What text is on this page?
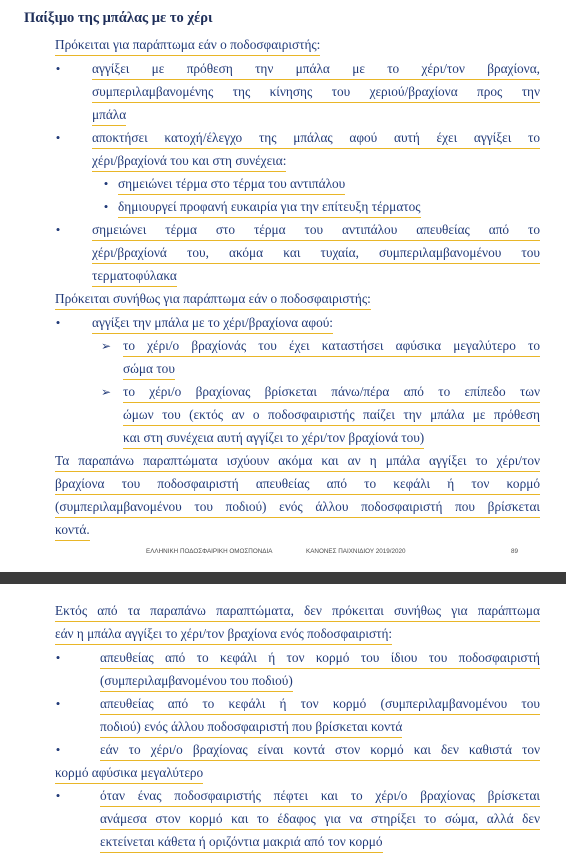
Παίξιμο της μπάλας με το χέρι
Πρόκειται για παράπτωμα εάν ο ποδοσφαιριστής:
• αγγίξει με πρόθεση την μπάλα με το χέρι/τον βραχίονα,
συμπεριλαμβανομένης της κίνησης του χεριού/βραχίονα προς την
μπάλα
• αποκτήσει κατοχή/έλεγχο της μπάλας αφού αυτή έχει αγγίξει το
χέρι/βραχίονά του και στη συνέχεια:
• σημειώνει τέρμα στο τέρμα του αντιπάλου
• δημιουργεί προφανή ευκαιρία για την επίτευξη τέρματος
• σημειώνει τέρμα στο τέρμα του αντιπάλου απευθείας από το
χέρι/βραχίονά του, ακόμα και τυχαία, συμπεριλαμβανομένου του
τερματοφύλακα
Πρόκειται συνήθως για παράπτωμα εάν ο ποδοσφαιριστής:
• αγγίξει την μπάλα με το χέρι/βραχίονα αφού:
➢ το χέρι/ο βραχίονάς του έχει καταστήσει αφύσικα μεγαλύτερο το
σώμα του
➢ το χέρι/ο βραχίονας βρίσκεται πάνω/πέρα από το επίπεδο των
ώμων του (εκτός αν ο ποδοσφαιριστής παίζει την μπάλα με πρόθεση
και στη συνέχεια αυτή αγγίζει το χέρι/τον βραχίονά του)
Τα παραπάνω παραπτώματα ισχύουν ακόμα και αν η μπάλα αγγίξει το χέρι/τον
βραχίονα του ποδοσφαιριστή απευθείας από το κεφάλι ή τον κορμό
(συμπεριλαμβανομένου του ποδιού) ενός άλλου ποδοσφαιριστή που βρίσκεται
κοντά.
ΕΛΛΗΝΙΚΗ ΠΟΔΟΣΦΑΙΡΙΚΗ ΟΜΟΣΠΟΝΔΙΑ	ΚΑΝΟΝΕΣ ΠΑΙΧΝΙΔΙΟΥ 2019/2020	89
Εκτός από τα παραπάνω παραπτώματα, δεν πρόκειται συνήθως για παράπτωμα
εάν η μπάλα αγγίξει το χέρι/τον βραχίονα ενός ποδοσφαιριστή:
•	απευθείας από το κεφάλι ή τον κορμό του ίδιου του ποδοσφαιριστή
(συμπεριλαμβανομένου του ποδιού)
•	απευθείας από το κεφάλι ή τον κορμό (συμπεριλαμβανομένου του
ποδιού) ενός άλλου ποδοσφαιριστή που βρίσκεται κοντά
•	εάν το χέρι/ο βραχίονας είναι κοντά στον κορμό και δεν καθιστά τον
κορμό αφύσικα μεγαλύτερο
•	όταν ένας ποδοσφαιριστής πέφτει και το χέρι/ο βραχίονας βρίσκεται
ανάμεσα στον κορμό και το έδαφος για να στηρίξει το σώμα, αλλά δεν
εκτείνεται κάθετα ή οριζόντια μακριά από τον κορμό
